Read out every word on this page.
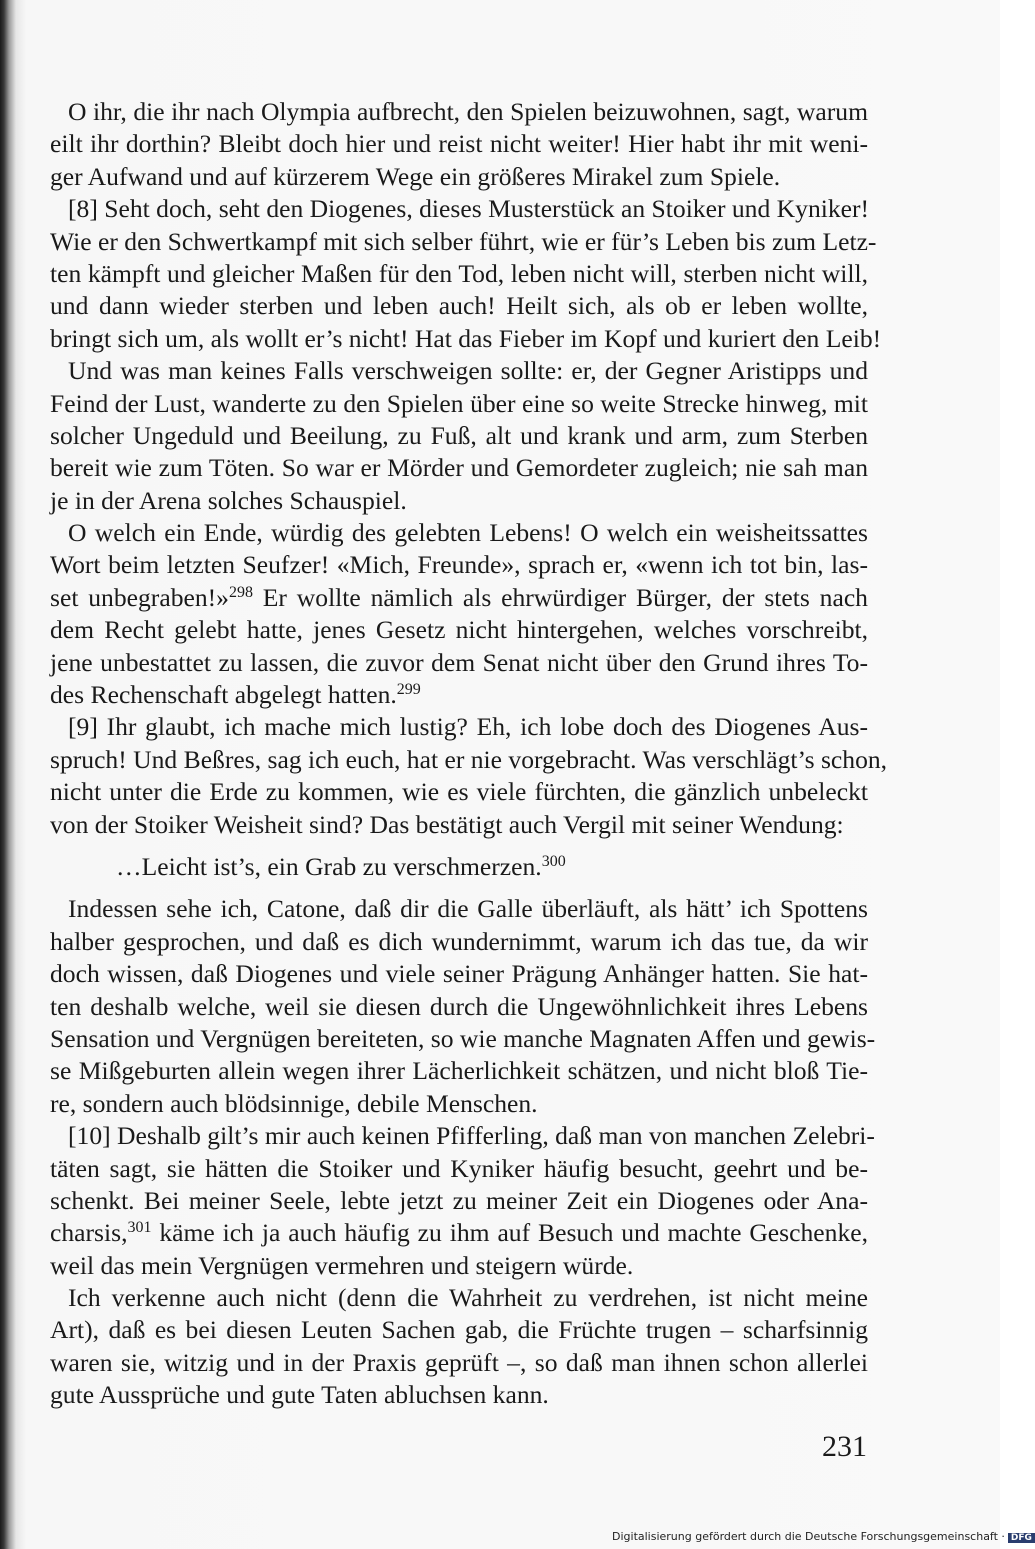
O ihr, die ihr nach Olympia aufbrecht, den Spielen beizuwohnen, sagt, warum
eilt ihr dorthin? Bleibt doch hier und reist nicht weiter! Hier habt ihr mit weni-
ger Aufwand und auf kürzerem Wege ein größeres Mirakel zum Spiele.
[8] Seht doch, seht den Diogenes, dieses Musterstück an Stoiker und Kyniker!
Wie er den Schwertkampf mit sich selber führt, wie er für’s Leben bis zum Letz-
ten kämpft und gleicher Maßen für den Tod, leben nicht will, sterben nicht will,
und dann wieder sterben und leben auch! Heilt sich, als ob er leben wollte,
bringt sich um, als wollt er’s nicht! Hat das Fieber im Kopf und kuriert den Leib!
Und was man keines Falls verschweigen sollte: er, der Gegner Aristipps und
Feind der Lust, wanderte zu den Spielen über eine so weite Strecke hinweg, mit
solcher Ungeduld und Beeilung, zu Fuß, alt und krank und arm, zum Sterben
bereit wie zum Töten. So war er Mörder und Gemordeter zugleich; nie sah man
je in der Arena solches Schauspiel.
O welch ein Ende, würdig des gelebten Lebens! O welch ein weisheitssattes
Wort beim letzten Seufzer! «Mich, Freunde», sprach er, «wenn ich tot bin, las-
set unbegraben!»$^{298}$ Er wollte nämlich als ehrwürdiger Bürger, der stets nach
dem Recht gelebt hatte, jenes Gesetz nicht hintergehen, welches vorschreibt,
jene unbestattet zu lassen, die zuvor dem Senat nicht über den Grund ihres To-
des Rechenschaft abgelegt hatten.$^{299}$
[9] Ihr glaubt, ich mache mich lustig? Eh, ich lobe doch des Diogenes Aus-
spruch! Und Beßres, sag ich euch, hat er nie vorgebracht. Was verschlägt’s schon,
nicht unter die Erde zu kommen, wie es viele fürchten, die gänzlich unbeleckt
von der Stoiker Weisheit sind? Das bestätigt auch Vergil mit seiner Wendung:
…Leicht ist’s, ein Grab zu verschmerzen.$^{300}$
Indessen sehe ich, Catone, daß dir die Galle überläuft, als hätt’ ich Spottens
halber gesprochen, und daß es dich wundernimmt, warum ich das tue, da wir
doch wissen, daß Diogenes und viele seiner Prägung Anhänger hatten. Sie hat-
ten deshalb welche, weil sie diesen durch die Ungewöhnlichkeit ihres Lebens
Sensation und Vergnügen bereiteten, so wie manche Magnaten Affen und gewis-
se Mißgeburten allein wegen ihrer Lächerlichkeit schätzen, und nicht bloß Tie-
re, sondern auch blödsinnige, debile Menschen.
[10] Deshalb gilt’s mir auch keinen Pfifferling, daß man von manchen Zelebri-
täten sagt, sie hätten die Stoiker und Kyniker häufig besucht, geehrt und be-
schenkt. Bei meiner Seele, lebte jetzt zu meiner Zeit ein Diogenes oder Ana-
charsis,$^{301}$ käme ich ja auch häufig zu ihm auf Besuch und machte Geschenke,
weil das mein Vergnügen vermehren und steigern würde.
Ich verkenne auch nicht (denn die Wahrheit zu verdrehen, ist nicht meine
Art), daß es bei diesen Leuten Sachen gab, die Früchte trugen – scharfsinnig
waren sie, witzig und in der Praxis geprüft –, so daß man ihnen schon allerlei
gute Aussprüche und gute Taten abluchsen kann.
231
Digitalisierung gefördert durch die Deutsche Forschungsgemeinschaft · DFG
